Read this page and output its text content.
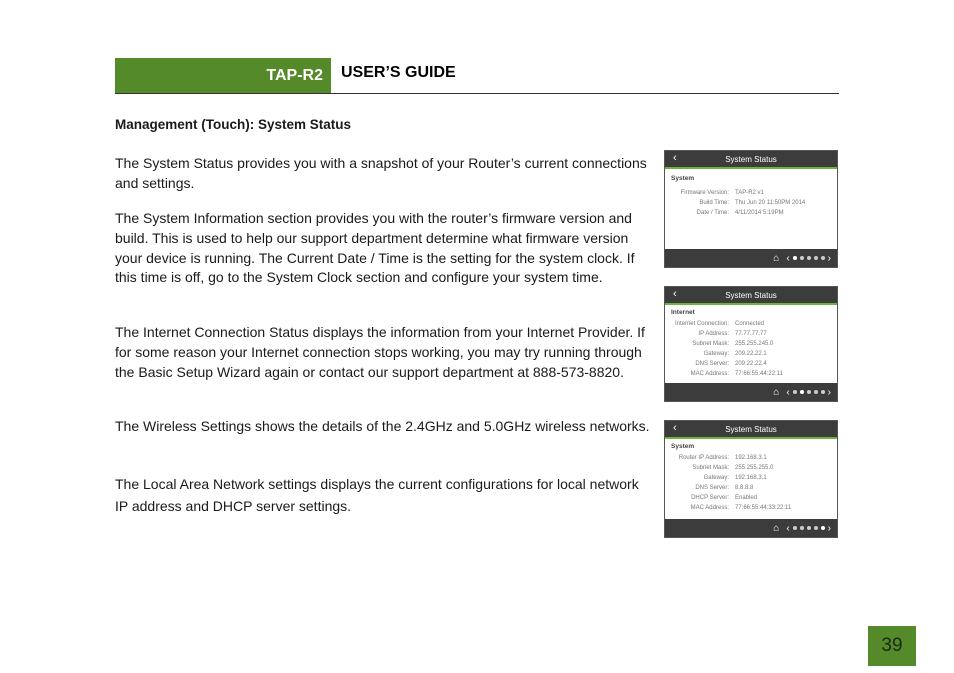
TAP-R2 USER’S GUIDE
Management (Touch): System Status

The System Status provides you with a snapshot of your Router’s current connections and settings.

The System Information section provides you with the router’s firmware version and build. This is used to help our support department determine what firmware version your device is running. The Current Date / Time is the setting for the system clock. If this time is off, go to the System Clock section and configure your system time.

The Internet Connection Status displays the information from your Internet Provider. If for some reason your Internet connection stops working, you may try running through the Basic Setup Wizard again or contact our support department at 888-573-8820.

The Wireless Settings shows the details of the 2.4GHz and 5.0GHz wireless networks.

The Local Area Network settings displays the current configurations for local network IP address and DHCP server settings.

‹	System Status
System
Firmware Version:	TAP-R2 v1
Build Time:	Thu Jun 20 11:50PM 2014
Date / Time:	4/11/2014 5:19PM
⌂ ‹	›
‹	System Status
Internet
Internet Connection:	Connected
IP Address:	77.77.77.77
Subnet Mask:	255.255.245.0
Gateway:	209.22.22.1
DNS Server:	209.22.22.4
MAC Address:	77:66:55:44:22:11
⌂ ‹	›
‹	System Status
System
Router IP Address:	192.168.3.1
Subnet Mask:	255.255.255.0
Gateway:	192.168.3.1
DNS Server:	8.8.8.8
DHCP Server:	Enabled
MAC Address:	77:66:55:44:33:22:11
⌂ ‹	›
39
